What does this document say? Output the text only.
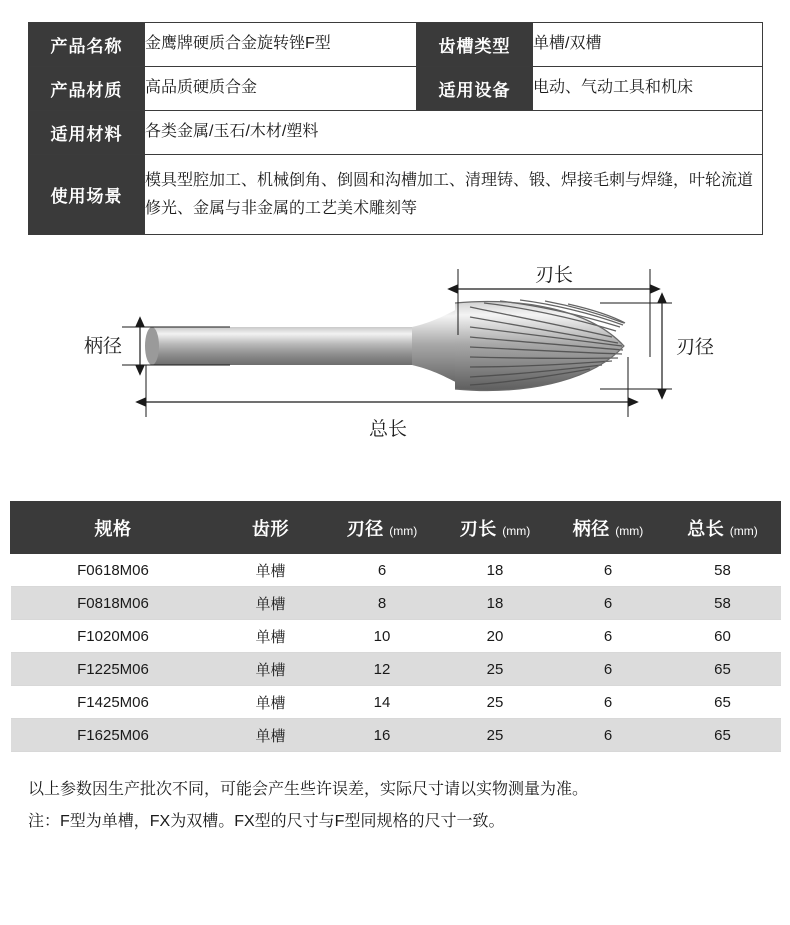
产品名称	金鹰牌硬质合金旋转锉F型	齿槽类型	单槽/双槽
产品材质	高品质硬质合金	适用设备	电动、气动工具和机床
适用材料	各类金属/玉石/木材/塑料		
使用场景	模具型腔加工、机械倒角、倒圆和沟槽加工、清理铸、锻、焊接毛刺与焊缝，叶轮流道修光、金属与非金属的工艺美术雕刻等		
刃长
柄径	刃径
总长
规格	齿形	刃径 (mm)	刃长 (mm)	柄径 (mm)	总长 (mm)
F0618M06	单槽	6	18	6	58
F0818M06	单槽	8	18	6	58
F1020M06	单槽	10	20	6	60
F1225M06	单槽	12	25	6	65
F1425M06	单槽	14	25	6	65
F1625M06	单槽	16	25	6	65
以上参数因生产批次不同，可能会产生些许误差，实际尺寸请以实物测量为准。
注：F型为单槽，FX为双槽。FX型的尺寸与F型同规格的尺寸一致。
